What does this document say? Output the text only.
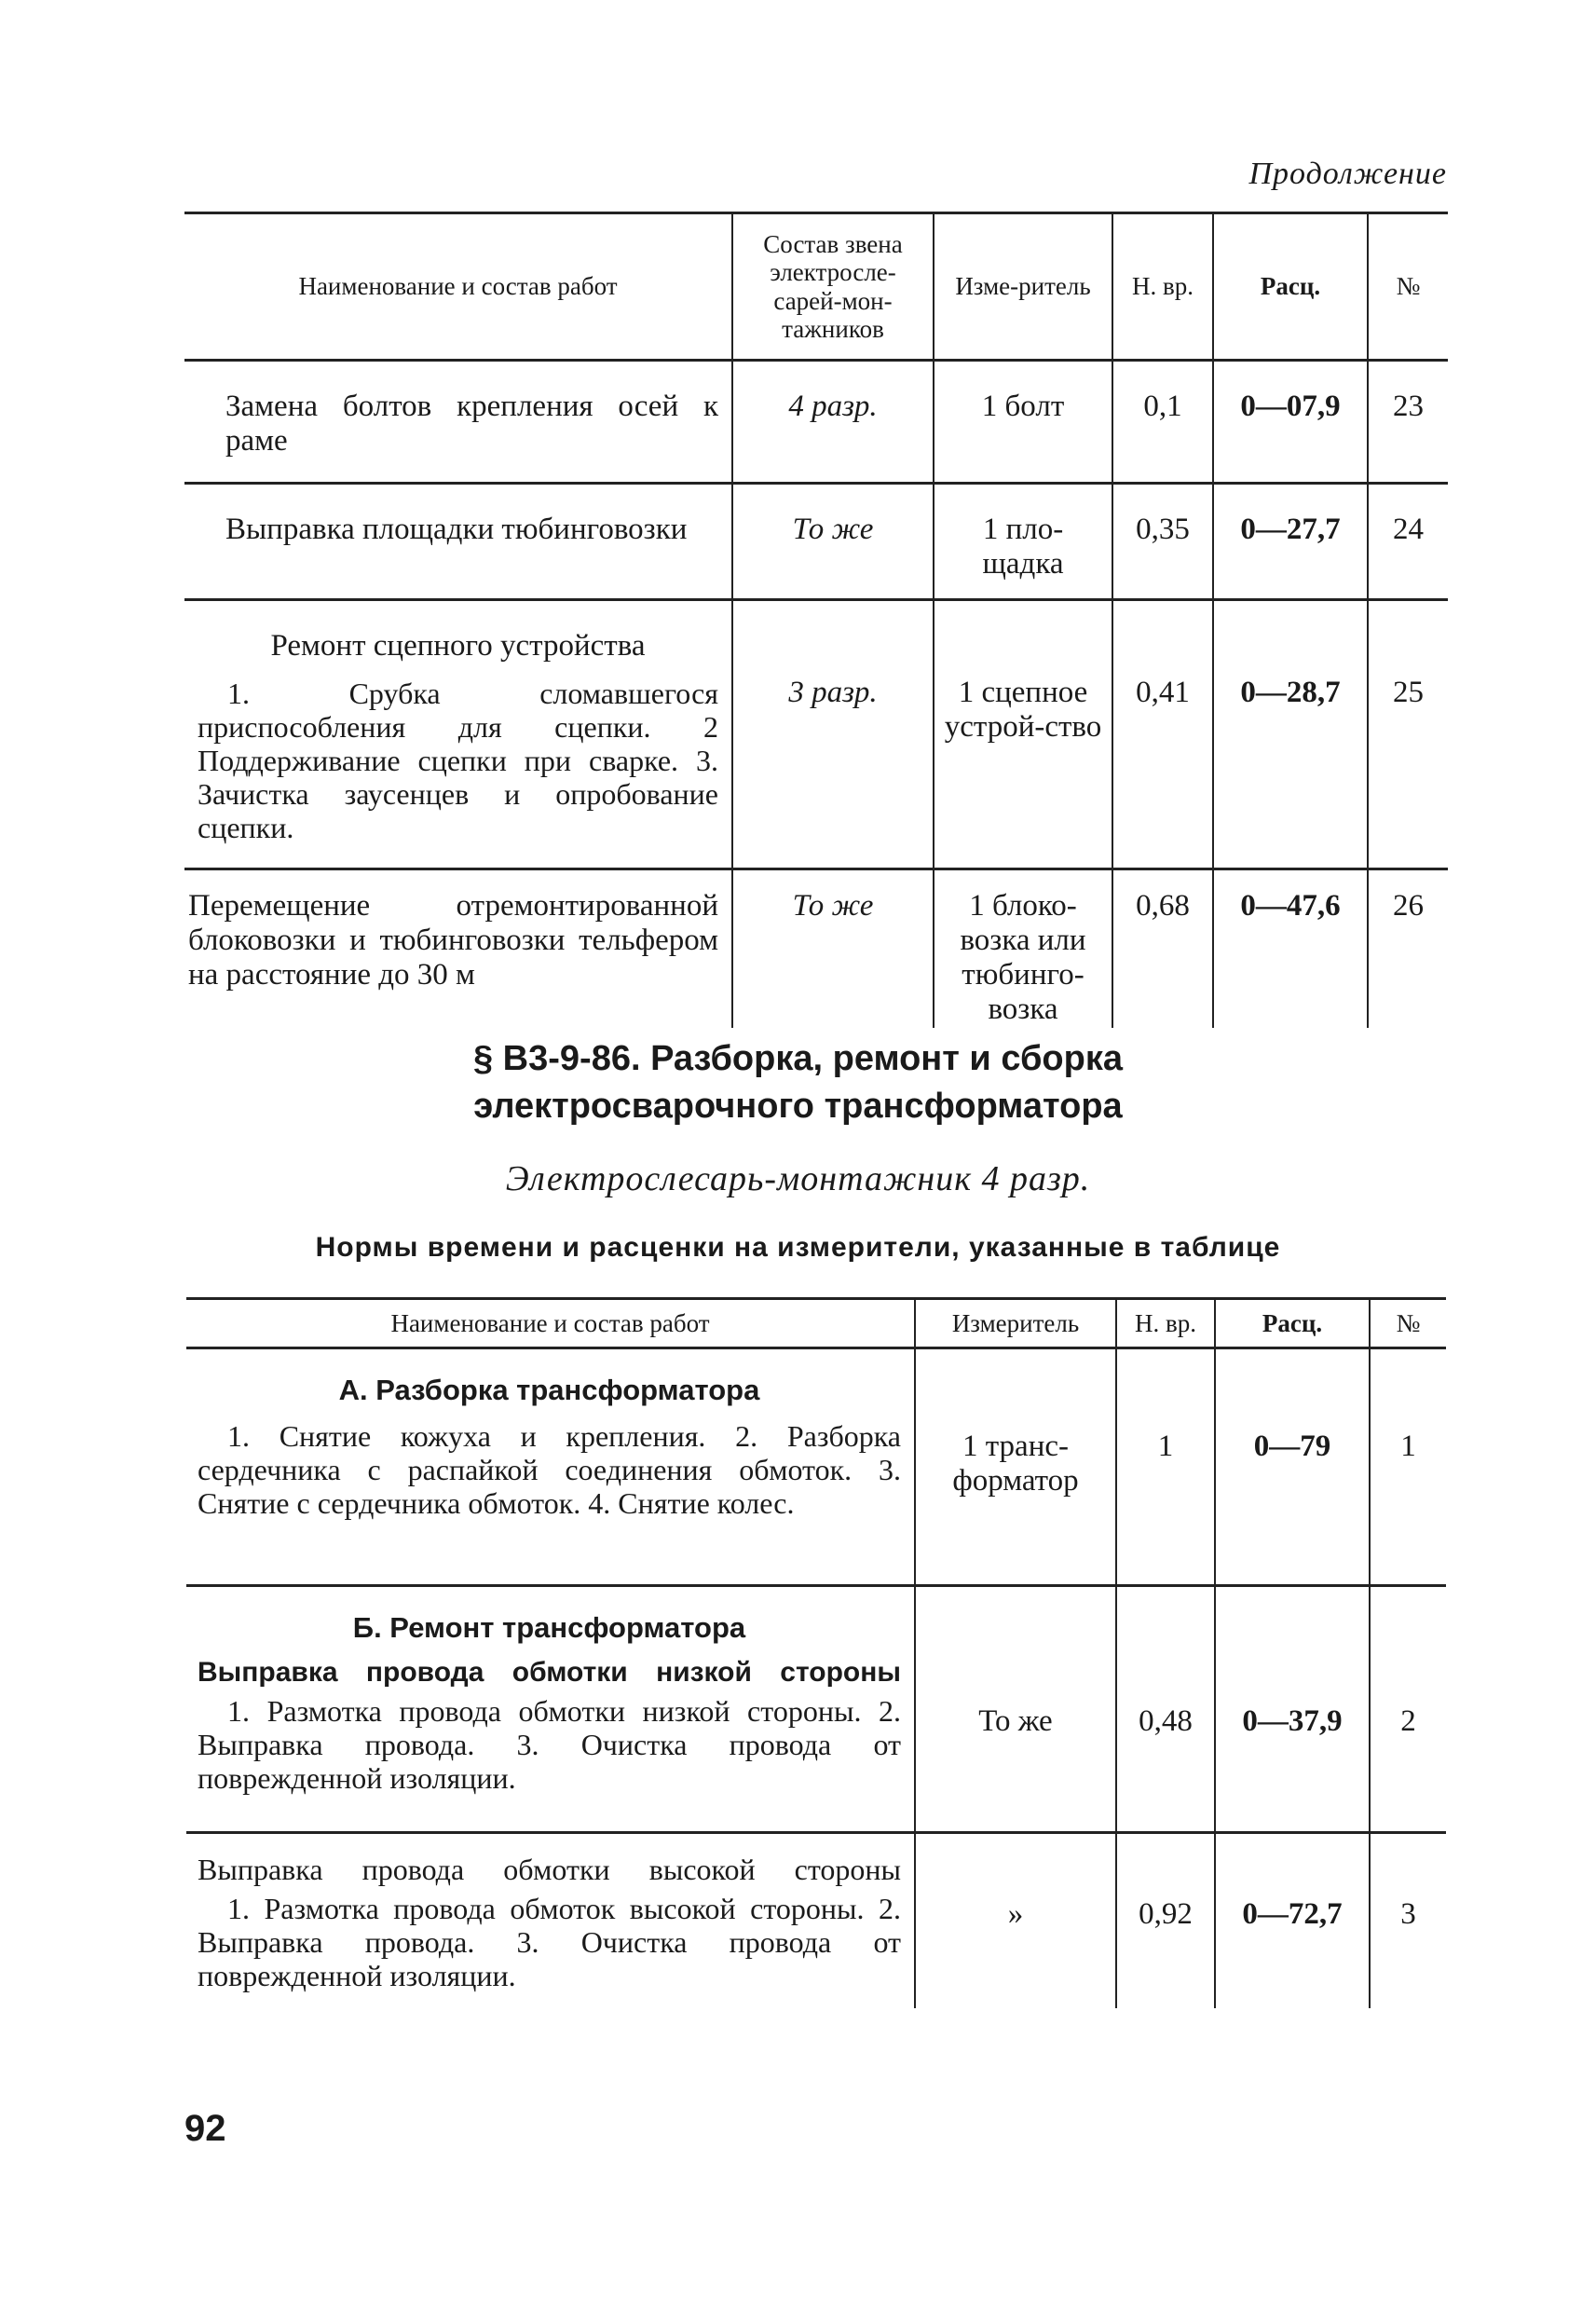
Продолжение
Наименование и состав работ	Состав звена электросле-сарей-мон-тажников	Изме-ритель	Н. вр.	Расц.	№
Замена болтов крепления осей к раме	4 разр.	1 болт	0,1	0—07,9	23
Выправка площадки тюбинговозки	То же	1 пло-щадка	0,35	0—27,7	24

Ремонт сцепного устройства
1. Срубка сломавшегося приспособления для сцепки. 2 Поддерживание сцепки при сварке. 3. Зачистка заусенцев и опробование сцепки.	3 разр.	1 сцепное устрой-ство	0,41	0—28,7	25
Перемещение отремонтированной блоковозки и тюбинговозки тельфером на расстояние до 30 м	То же	1 блоко-возка или тюбинго-возка	0,68	0—47,6	26
§ В3-9-86. Разборка, ремонт и сборка
электросварочного трансформатора
Электрослесарь-монтажник 4 разр.
Нормы времени и расценки на измерители, указанные в таблице
Наименование и состав работ	Измеритель	Н. вр.	Расц.	№

А. Разборка трансформатора
1. Снятие кожуха и крепления. 2. Разборка сердечника с распайкой соединения обмоток. 3. Снятие с сердечника обмоток. 4. Снятие колес.	1 транс-форматор	1	0—79	1

Б. Ремонт трансформатора
Выправка провода обмотки низкой стороны
1. Размотка провода обмотки низкой стороны. 2. Выправка провода. 3. Очистка провода от поврежденной изоляции.	То же	0,48	0—37,9	2

Выправка провода обмотки высокой стороны
1. Размотка провода обмоток высокой стороны. 2. Выправка провода. 3. Очистка провода от поврежденной изоляции.	»	0,92	0—72,7	3
92
